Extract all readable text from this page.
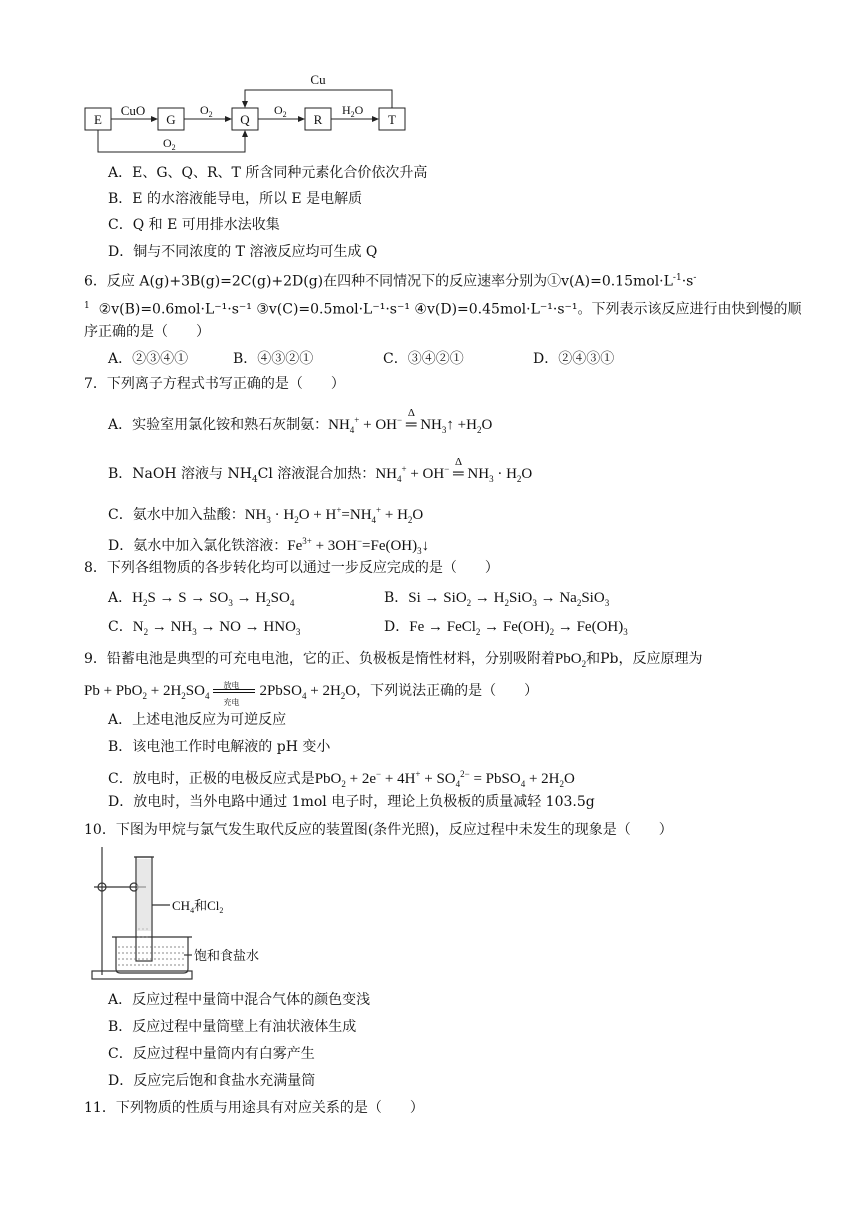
E	G	Q	R	T
Cu
CuO	$O_2$	$O_2$	$H_2O$
$O_2$
A．E、G、Q、R、T 所含同种元素化合价依次升高
B．E 的水溶液能导电，所以 E 是电解质
C．Q 和 E 可用排水法收集
D．铜与不同浓度的 T 溶液反应均可生成 Q
6．反应 A(g)+3B(g)=2C(g)+2D(g)在四种不同情况下的反应速率分别为$①v(A)=0.15mol\cdot L^{-1}\cdot s^-$
$^1$ ②v(B)=0.6mol·L⁻¹·s⁻¹ ③v(C)=0.5mol·L⁻¹·s⁻¹ ④v(D)=0.45mol·L⁻¹·s⁻¹。下列表示该反应进行由快到慢的顺
序正确的是（　　）
A．②③④①	B．④③②①	C．③④②①	D．②④③①
7．下列离子方程式书写正确的是（　　）
A．实验室用氯化铵和熟石灰制氨：$NH_4^+ + OH^-$ ═
Δ
$NH_3↑ +H_2O$
B．NaOH 溶液与 $NH_4Cl$ 溶液混合加热：$NH_4^+ + OH^-$ ═
Δ
$NH_3 \cdot H_2O$
C．氨水中加入盐酸：$NH_3 \cdot H_2O + H^+=NH_4^+ + H_2O$
D．氨水中加入氯化铁溶液：$Fe^{3+}$ + $3OH^-=Fe(OH)_3↓$
8．下列各组物质的各步转化均可以通过一步反应完成的是（　　）
A．$H_2S \to S \to SO_3 \to H_2SO_4$	B．$Si \to SiO_2 \to H_2SiO_3 \to Na_2SiO_3$
C．$N_2 \to NH_3$ → NO → $HNO_3$	D．Fe → FeCl$_2$ → $Fe(OH)_2 \to Fe(OH)_3$
9．铅蓄电池是典型的可充电电池，它的正、负极板是惰性材料，分别吸附着PbO$_2$和Pb，反应原理为
$Pb + PbO_2 + 2H_2SO_4$
放电
充电
2PbSO$_4$ + $2H_2O$，下列说法正确的是（　　）
A．上述电池反应为可逆反应
B．该电池工作时电解液的 pH 变小
C．放电时，正极的电极反应式是$PbO_2 + 2e^- + 4H^+ + SO_4^{2-}$ = PbSO$_4$ + $2H_2O$
D．放电时，当外电路中通过 1mol 电子时，理论上负极板的质量减轻 103.5g
10．下图为甲烷与氯气发生取代反应的装置图(条件光照)，反应过程中未发生的现象是（　　）
$CH_4$和$Cl_2$
饱和食盐水
A．反应过程中量筒中混合气体的颜色变浅
B．反应过程中量筒壁上有油状液体生成
C．反应过程中量筒内有白雾产生
D．反应完后饱和食盐水充满量筒
11．下列物质的性质与用途具有对应关系的是（　　）
